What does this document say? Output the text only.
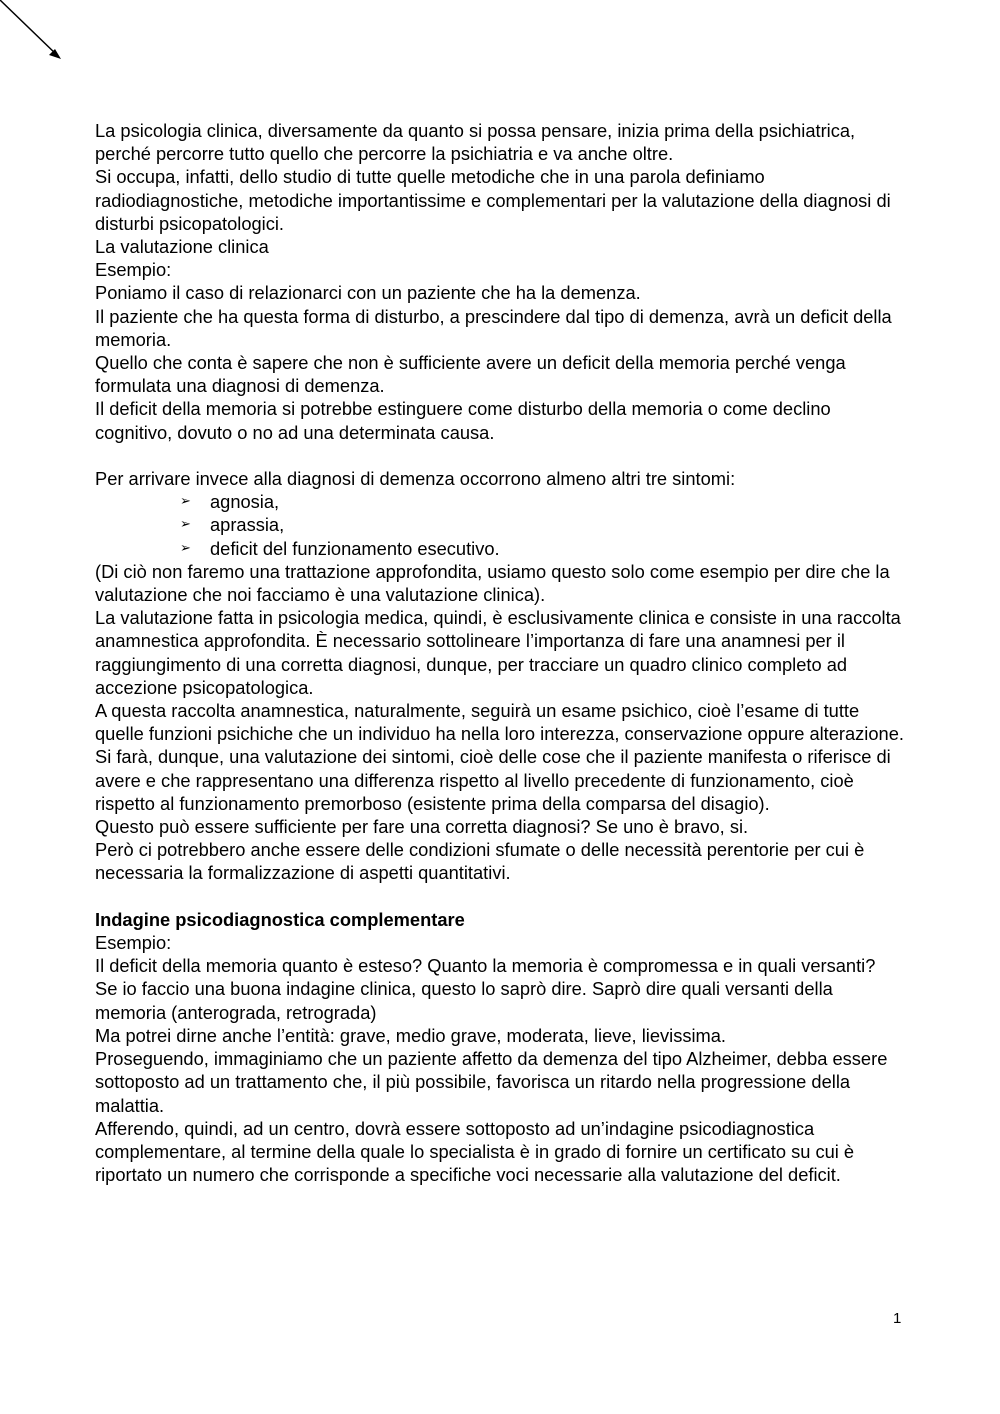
La psicologia clinica, diversamente da quanto si possa pensare, inizia prima della psichiatrica, perché percorre tutto quello che percorre la psichiatria e va anche oltre.

Si occupa, infatti, dello studio di tutte quelle metodiche che in una parola definiamo radiodiagnostiche, metodiche importantissime e complementari per la valutazione della diagnosi di disturbi psicopatologici.

La valutazione clinica

Esempio:

Poniamo il caso di relazionarci con un paziente che ha la demenza.

Il paziente che ha questa forma di disturbo, a prescindere dal tipo di demenza, avrà un deficit della memoria.

Quello che conta è sapere che non è sufficiente avere un deficit della memoria perché venga formulata una diagnosi di demenza.

Il deficit della memoria si potrebbe estinguere come disturbo della memoria o come declino cognitivo, dovuto o no ad una determinata causa.

Per arrivare invece alla diagnosi di demenza occorrono almeno altri tre sintomi:

➢ agnosia,
➢ aprassia,
➢ deficit del funzionamento esecutivo.

(Di ciò non faremo una trattazione approfondita, usiamo questo solo come esempio per dire che la valutazione che noi facciamo è una valutazione clinica).

La valutazione fatta in psicologia medica, quindi, è esclusivamente clinica e consiste in una raccolta anamnestica approfondita. È necessario sottolineare l’importanza di fare una anamnesi per il raggiungimento di una corretta diagnosi, dunque, per tracciare un quadro clinico completo ad accezione psicopatologica.

A questa raccolta anamnestica, naturalmente, seguirà un esame psichico, cioè l’esame di tutte quelle funzioni psichiche che un individuo ha nella loro interezza, conservazione oppure alterazione.

Si farà, dunque, una valutazione dei sintomi, cioè delle cose che il paziente manifesta o riferisce di avere e che rappresentano una differenza rispetto al livello precedente di funzionamento, cioè rispetto al funzionamento premorboso (esistente prima della comparsa del disagio).

Questo può essere sufficiente per fare una corretta diagnosi? Se uno è bravo, si.

Però ci potrebbero anche essere delle condizioni sfumate o delle necessità perentorie per cui è necessaria la formalizzazione di aspetti quantitativi.

Indagine psicodiagnostica complementare

Esempio:

Il deficit della memoria quanto è esteso? Quanto la memoria è compromessa e in quali versanti?

Se io faccio una buona indagine clinica, questo lo saprò dire. Saprò dire quali versanti della memoria (anterograda, retrograda)

Ma potrei dirne anche l’entità: grave, medio grave, moderata, lieve, lievissima.

Proseguendo, immaginiamo che un paziente affetto da demenza del tipo Alzheimer, debba essere sottoposto ad un trattamento che, il più possibile, favorisca un ritardo nella progressione della malattia.

Afferendo, quindi, ad un centro, dovrà essere sottoposto ad un’indagine psicodiagnostica complementare, al termine della quale lo specialista è in grado di fornire un certificato su cui è riportato un numero che corrisponde a specifiche voci necessarie alla valutazione del deficit.

1
